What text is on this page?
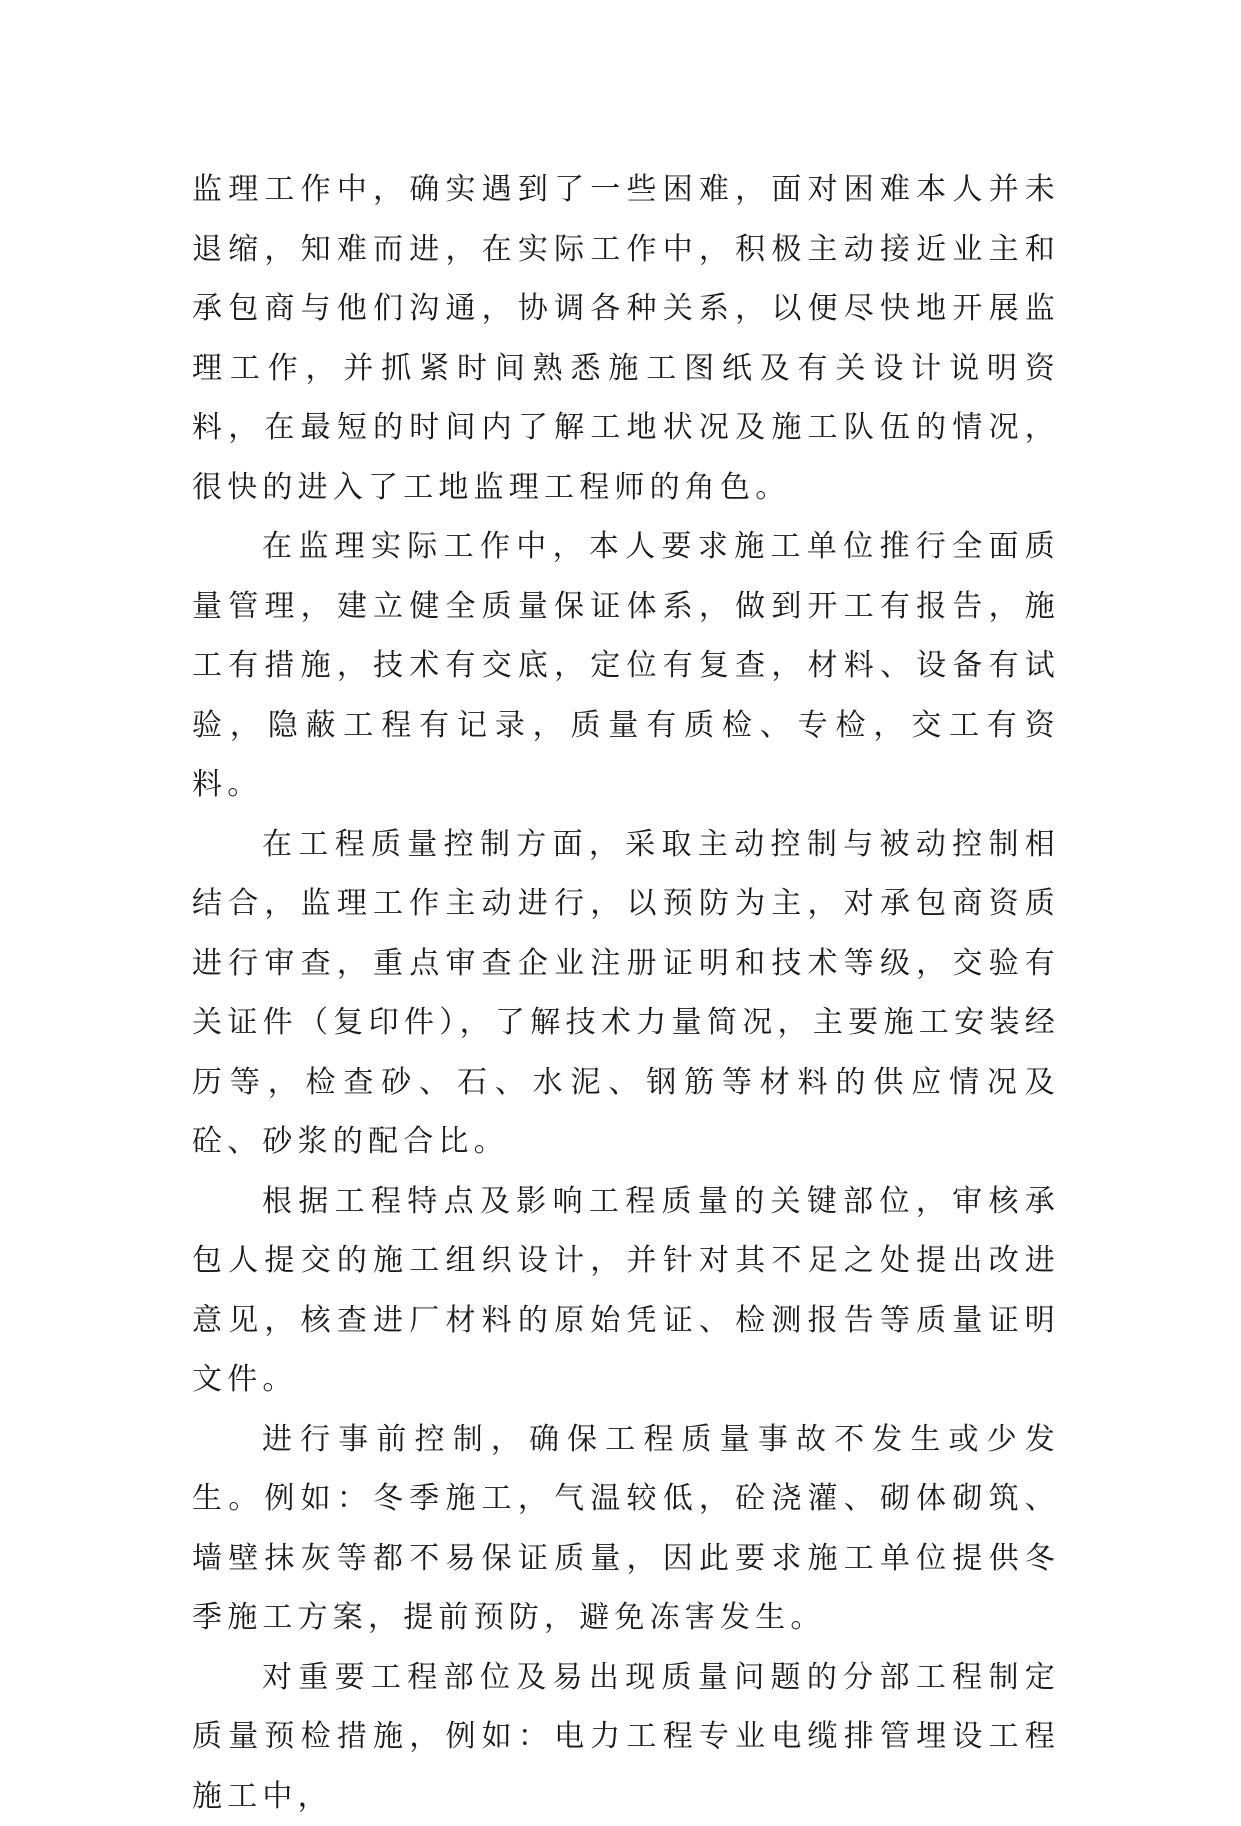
监理工作中，确实遇到了一些困难，面对困难本人并未退缩，知难而进，在实际工作中，积极主动接近业主和承包商与他们沟通，协调各种关系，以便尽快地开展监理工作，并抓紧时间熟悉施工图纸及有关设计说明资料，在最短的时间内了解工地状况及施工队伍的情况，很快的进入了工地监理工程师的角色。

在监理实际工作中，本人要求施工单位推行全面质量管理，建立健全质量保证体系，做到开工有报告，施工有措施，技术有交底，定位有复查，材料、设备有试验，隐蔽工程有记录，质量有质检、专检，交工有资料。

在工程质量控制方面，采取主动控制与被动控制相结合，监理工作主动进行，以预防为主，对承包商资质进行审查，重点审查企业注册证明和技术等级，交验有关证件（复印件），了解技术力量简况，主要施工安装经历等，检查砂、石、水泥、钢筋等材料的供应情况及砼、砂浆的配合比。

根据工程特点及影响工程质量的关键部位，审核承包人提交的施工组织设计，并针对其不足之处提出改进意见，核查进厂材料的原始凭证、检测报告等质量证明文件。

进行事前控制，确保工程质量事故不发生或少发生。例如：冬季施工，气温较低，砼浇灌、砌体砌筑、墙壁抹灰等都不易保证质量，因此要求施工单位提供冬季施工方案，提前预防，避免冻害发生。

对重要工程部位及易出现质量问题的分部工程制定质量预检措施，例如：电力工程专业电缆排管埋设工程施工中，
